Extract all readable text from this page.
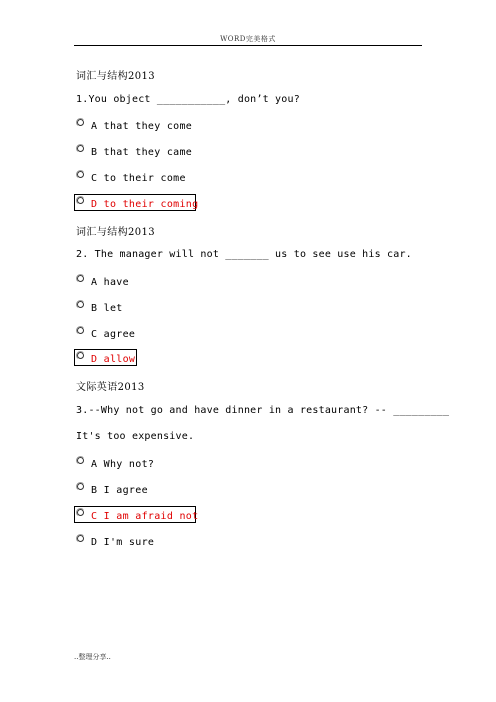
WORD完美格式
词汇与结构2013
1.You object ___________, don’t you?
A that they come
B that they came
C to their come
D to their coming
词汇与结构2013
2. The manager will not _______ us to see use his car.
A have
B let
C agree
D allow
文际英语2013
3.--Why not go and have dinner in a restaurant? -- _________
It's too expensive.
A Why not?
B I agree
C I am afraid not
D I'm sure
..整理分享..
